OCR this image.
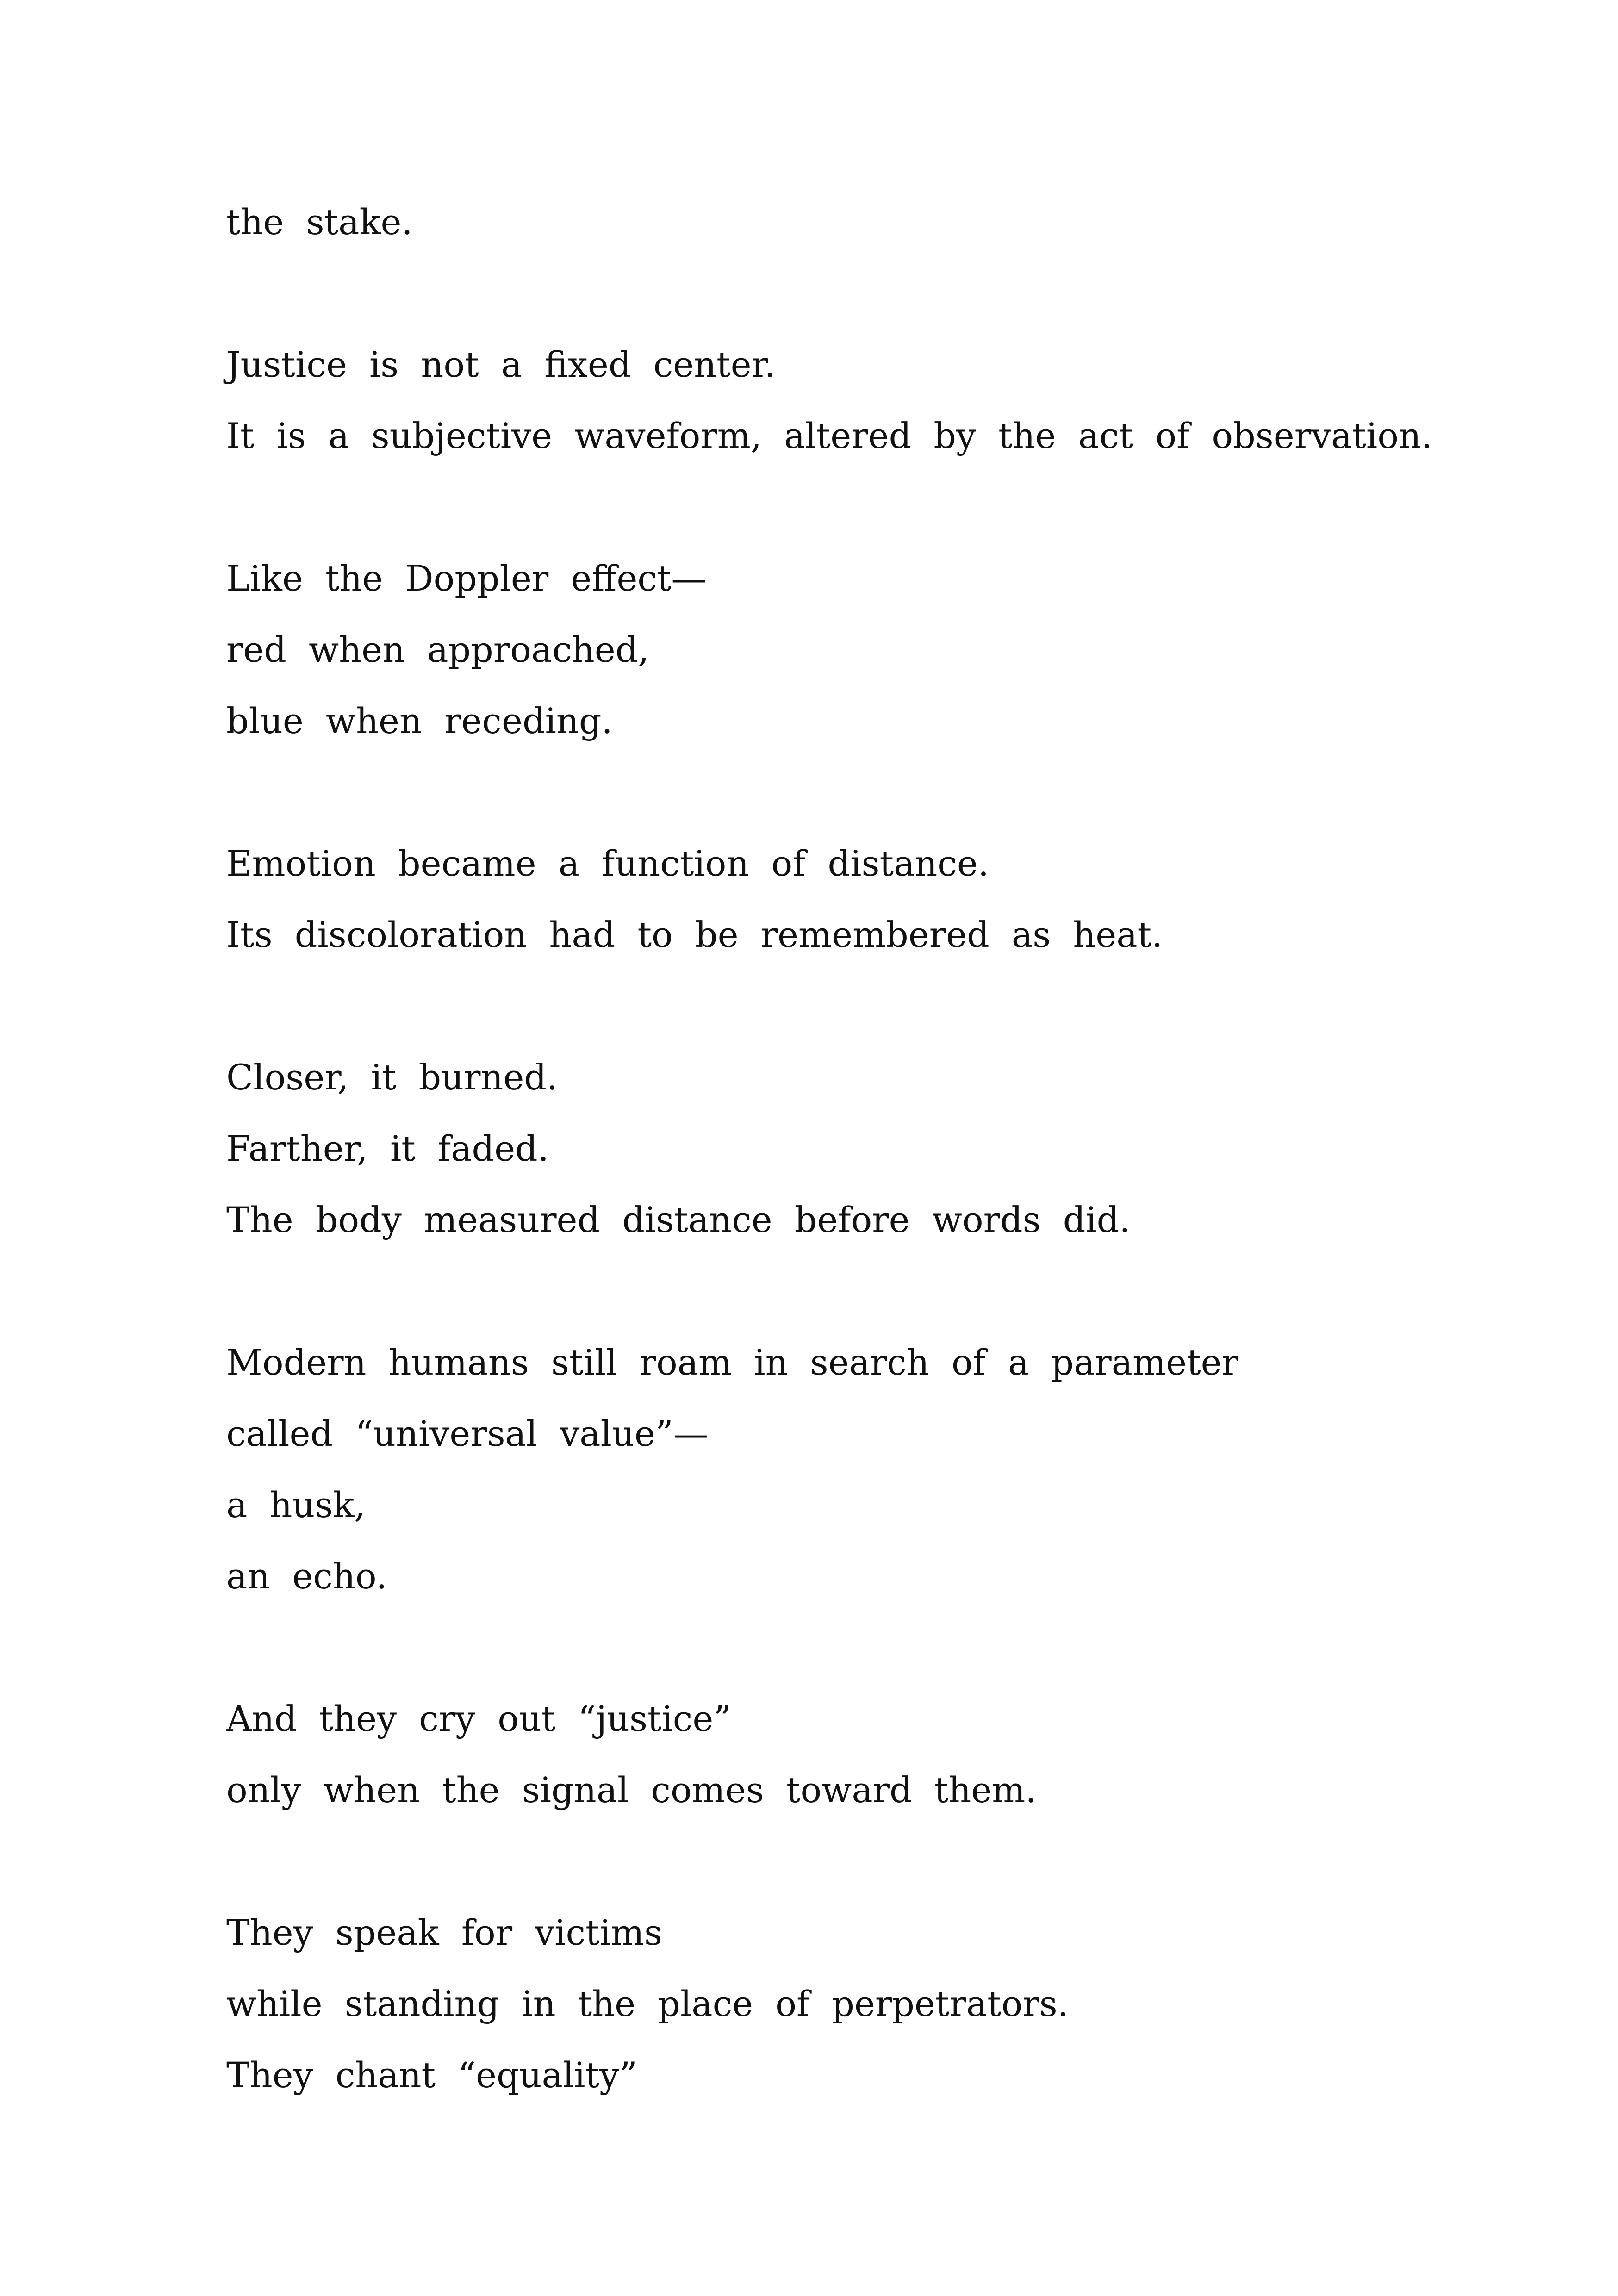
the stake.
Justice is not a fixed center.
It is a subjective waveform, altered by the act of observation.
Like the Doppler effect—
red when approached,
blue when receding.
Emotion became a function of distance.
Its discoloration had to be remembered as heat.
Closer, it burned.
Farther, it faded.
The body measured distance before words did.
Modern humans still roam in search of a parameter
called “universal value”—
a husk,
an echo.
And they cry out “justice”
only when the signal comes toward them.
They speak for victims
while standing in the place of perpetrators.
They chant “equality”
